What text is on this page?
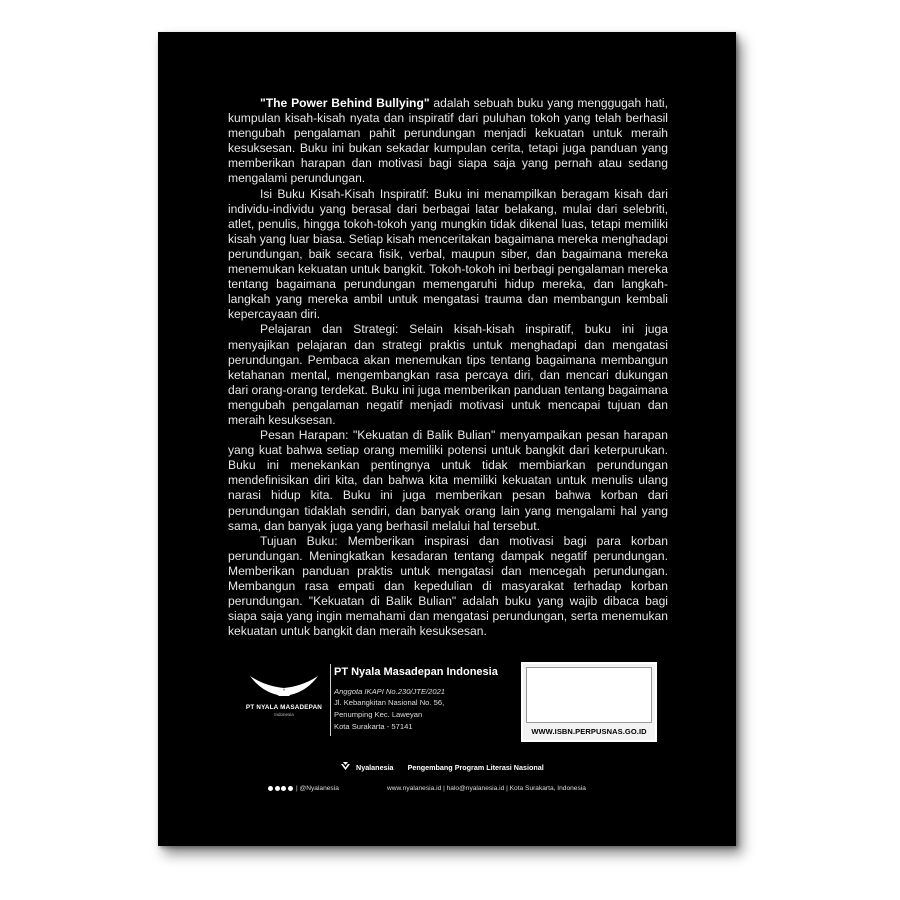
"The Power Behind Bullying" adalah sebuah buku yang menggugah hati, kumpulan kisah-kisah nyata dan inspiratif dari puluhan tokoh yang telah berhasil mengubah pengalaman pahit perundungan menjadi kekuatan untuk meraih kesuksesan. Buku ini bukan sekadar kumpulan cerita, tetapi juga panduan yang memberikan harapan dan motivasi bagi siapa saja yang pernah atau sedang mengalami perundungan.

Isi Buku Kisah-Kisah Inspiratif: Buku ini menampilkan beragam kisah dari individu-individu yang berasal dari berbagai latar belakang, mulai dari selebriti, atlet, penulis, hingga tokoh-tokoh yang mungkin tidak dikenal luas, tetapi memiliki kisah yang luar biasa. Setiap kisah menceritakan bagaimana mereka menghadapi perundungan, baik secara fisik, verbal, maupun siber, dan bagaimana mereka menemukan kekuatan untuk bangkit. Tokoh-tokoh ini berbagi pengalaman mereka tentang bagaimana perundungan memengaruhi hidup mereka, dan langkah-langkah yang mereka ambil untuk mengatasi trauma dan membangun kembali kepercayaan diri.

Pelajaran dan Strategi: Selain kisah-kisah inspiratif, buku ini juga menyajikan pelajaran dan strategi praktis untuk menghadapi dan mengatasi perundungan. Pembaca akan menemukan tips tentang bagaimana membangun ketahanan mental, mengembangkan rasa percaya diri, dan mencari dukungan dari orang-orang terdekat. Buku ini juga memberikan panduan tentang bagaimana mengubah pengalaman negatif menjadi motivasi untuk mencapai tujuan dan meraih kesuksesan.

Pesan Harapan: "Kekuatan di Balik Bulian" menyampaikan pesan harapan yang kuat bahwa setiap orang memiliki potensi untuk bangkit dari keterpurukan. Buku ini menekankan pentingnya untuk tidak membiarkan perundungan mendefinisikan diri kita, dan bahwa kita memiliki kekuatan untuk menulis ulang narasi hidup kita. Buku ini juga memberikan pesan bahwa korban dari perundungan tidaklah sendiri, dan banyak orang lain yang mengalami hal yang sama, dan banyak juga yang berhasil melalui hal tersebut.

Tujuan Buku: Memberikan inspirasi dan motivasi bagi para korban perundungan. Meningkatkan kesadaran tentang dampak negatif perundungan. Memberikan panduan praktis untuk mengatasi dan mencegah perundungan. Membangun rasa empati dan kepedulian di masyarakat terhadap korban perundungan. "Kekuatan di Balik Bulian" adalah buku yang wajib dibaca bagi siapa saja yang ingin memahami dan mengatasi perundungan, serta menemukan kekuatan untuk bangkit dan meraih kesuksesan.

PT NYALA MASADEPAN
Indonesia
PT Nyala Masadepan Indonesia
Anggota IKAPI No.230/JTE/2021
Jl. Kebangkitan Nasional No. 56,
Penumping Kec. Laweyan
Kota Surakarta - 57141
WWW.ISBN.PERPUSNAS.GO.ID
Nyalanesia Pengembang Program Literasi Nasional
| @Nyalanesia	www.nyalanesia.id | halo@nyalanesia.id | Kota Surakarta, Indonesia
